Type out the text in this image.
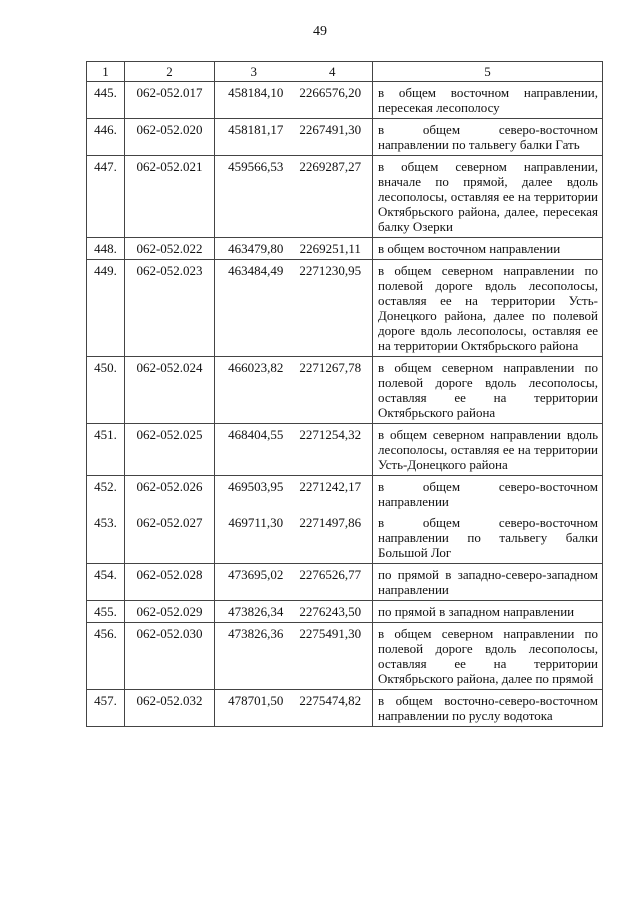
49
1	2	3	4	5
445.	062-052.017	458184,10	2266576,20	в общем восточном направлении, пересекая лесополосу
446.	062-052.020	458181,17	2267491,30	в общем северо-восточном направлении по тальвегу балки Гать
447.	062-052.021	459566,53	2269287,27	в общем северном направлении, вначале по прямой, далее вдоль лесополосы, оставляя ее на территории Октябрьского района, далее, пересекая балку Озерки
448.	062-052.022	463479,80	2269251,11	в общем восточном направлении
449.	062-052.023	463484,49	2271230,95	в общем северном направлении по полевой дороге вдоль лесополосы, оставляя ее на территории Усть-Донецкого района, далее по полевой дороге вдоль лесополосы, оставляя ее на территории Октябрьского района
450.	062-052.024	466023,82	2271267,78	в общем северном направлении по полевой дороге вдоль лесополосы, оставляя ее на территории Октябрьского района
451.	062-052.025	468404,55	2271254,32	в общем северном направлении вдоль лесополосы, оставляя ее на территории Усть-Донецкого района
452.	062-052.026	469503,95	2271242,17	в общем северо-восточном направлении
453.	062-052.027	469711,30	2271497,86	в общем северо-восточном направлении по тальвегу балки Большой Лог
454.	062-052.028	473695,02	2276526,77	по прямой в западно-северо-западном направлении
455.	062-052.029	473826,34	2276243,50	по прямой в западном направлении
456.	062-052.030	473826,36	2275491,30	в общем северном направлении по полевой дороге вдоль лесополосы, оставляя ее на территории Октябрьского района, далее по прямой
457.	062-052.032	478701,50	2275474,82	в общем восточно-северо-восточном направлении по руслу водотока
